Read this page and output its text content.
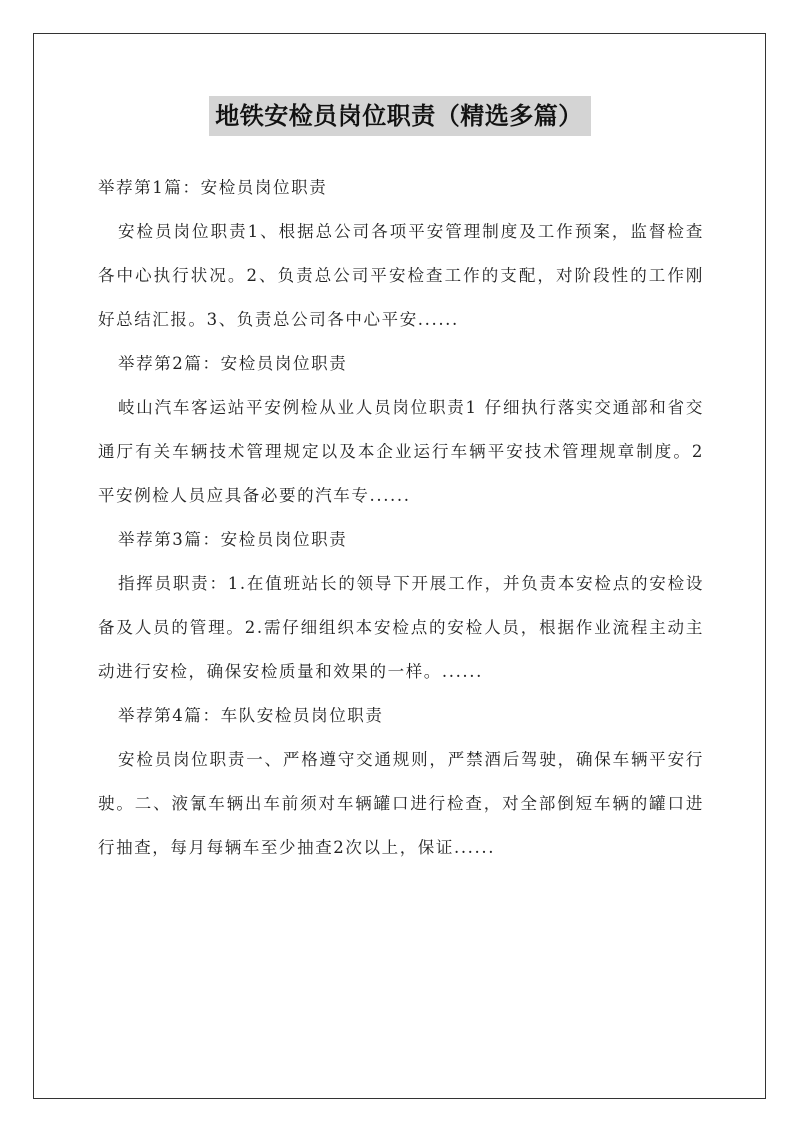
地铁安检员岗位职责（精选多篇）

举荐第1篇：安检员岗位职责

安检员岗位职责1、根据总公司各项平安管理制度及工作预案，监督检查各中心执行状况。2、负责总公司平安检查工作的支配，对阶段性的工作刚好总结汇报。3、负责总公司各中心平安......

举荐第2篇：安检员岗位职责

岐山汽车客运站平安例检从业人员岗位职责1 仔细执行落实交通部和省交通厅有关车辆技术管理规定以及本企业运行车辆平安技术管理规章制度。2 平安例检人员应具备必要的汽车专......

举荐第3篇：安检员岗位职责

指挥员职责：1.在值班站长的领导下开展工作，并负责本安检点的安检设备及人员的管理。2.需仔细组织本安检点的安检人员，根据作业流程主动主动进行安检，确保安检质量和效果的一样。......

举荐第4篇：车队安检员岗位职责

安检员岗位职责一、严格遵守交通规则，严禁酒后驾驶，确保车辆平安行驶。二、液氰车辆出车前须对车辆罐口进行检查，对全部倒短车辆的罐口进行抽查，每月每辆车至少抽查2次以上，保证......
